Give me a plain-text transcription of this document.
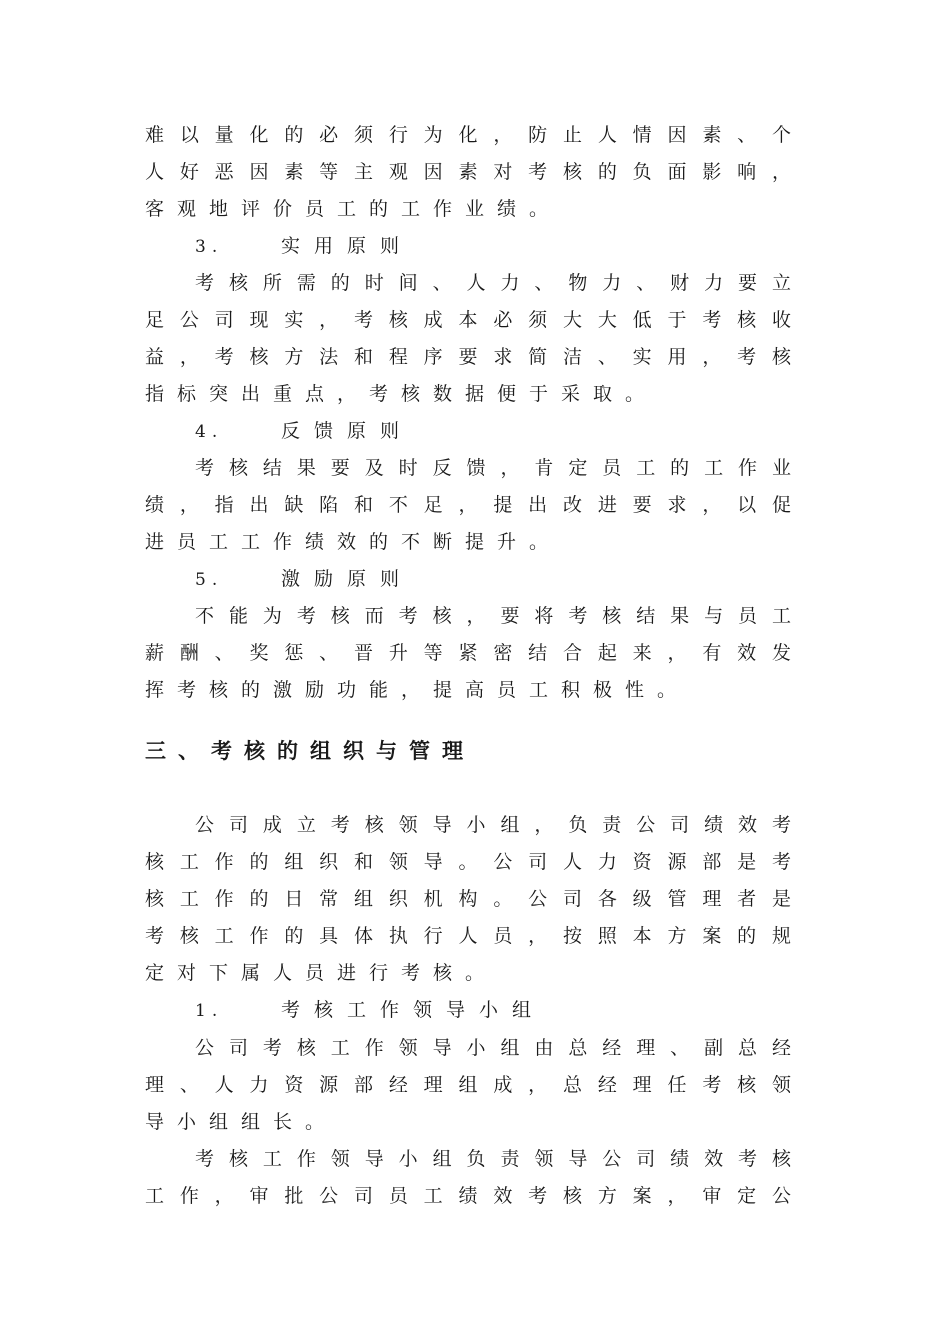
难以量化的必须行为化，防止人情因素、个
人好恶因素等主观因素对考核的负面影响，
客观地评价员工的工作业绩。
3.	实用原则
考核所需的时间、人力、物力、财力要立
足公司现实，考核成本必须大大低于考核收
益，考核方法和程序要求简洁、实用，考核
指标突出重点，考核数据便于采取。
4.	反馈原则
考核结果要及时反馈，肯定员工的工作业
绩，指出缺陷和不足，提出改进要求，以促
进员工工作绩效的不断提升。
5.	激励原则
不能为考核而考核，要将考核结果与员工
薪酬、奖惩、晋升等紧密结合起来，有效发
挥考核的激励功能，提高员工积极性。
三、考核的组织与管理
公司成立考核领导小组，负责公司绩效考
核工作的组织和领导。公司人力资源部是考
核工作的日常组织机构。公司各级管理者是
考核工作的具体执行人员，按照本方案的规
定对下属人员进行考核。
1.	考核工作领导小组
公司考核工作领导小组由总经理、副总经
理、人力资源部经理组成，总经理任考核领
导小组组长。
考核工作领导小组负责领导公司绩效考核
工作，审批公司员工绩效考核方案，审定公
